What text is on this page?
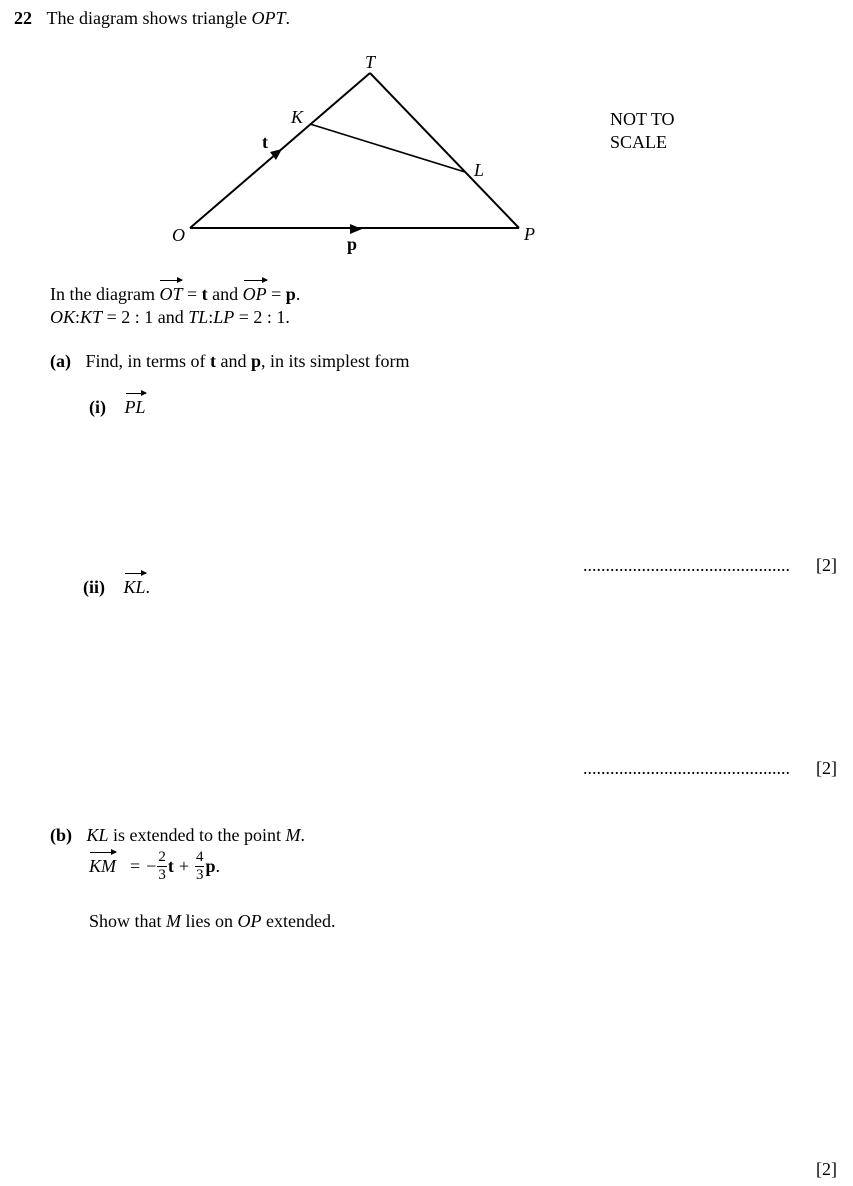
22 The diagram shows triangle OPT.
T
K
L
O	P
t
p
NOT TO
SCALE
In the diagram OT = t and OP = p.
OK:KT = 2 : 1 and TL:LP = 2 : 1.
(a) Find, in terms of t and p, in its simplest form
(i) PL
.............................................. [2]
(ii) KL.
.............................................. [2]
(b) KL is extended to the point M.
KM = − $\frac{2}{3}$ $t + \frac{4}{3}$ p .
Show that M lies on OP extended.
[2]
